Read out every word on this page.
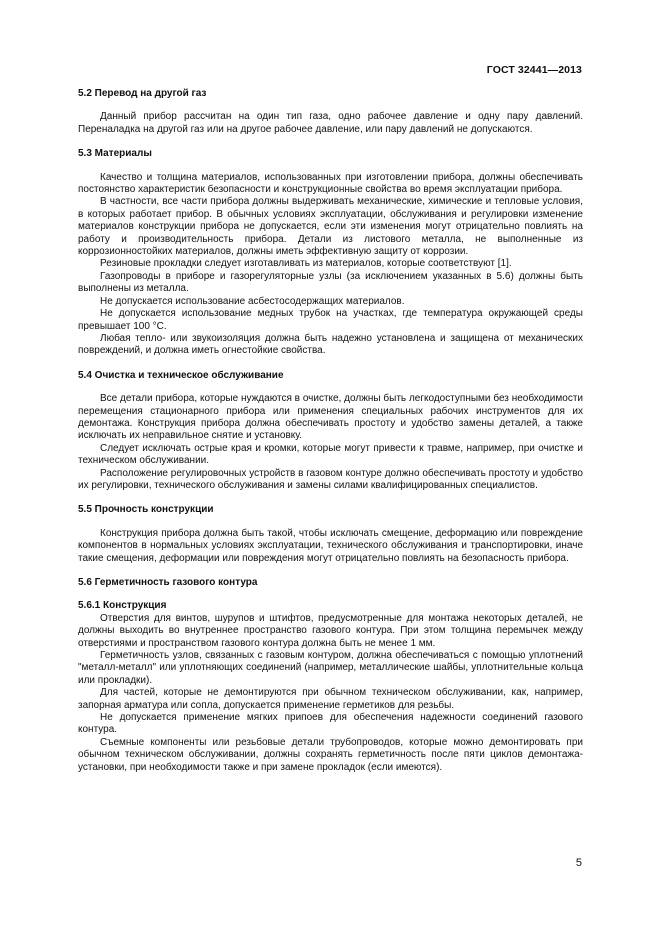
ГОСТ 32441—2013
5.2 Перевод на другой газ

Данный прибор рассчитан на один тип газа, одно рабочее давление и одну пару давлений. Переналадка на другой газ или на другое рабочее давление, или пару давлений не допускаются.

5.3 Материалы

Качество и толщина материалов, использованных при изготовлении прибора, должны обеспечивать постоянство характеристик безопасности и конструкционные свойства во время эксплуатации прибора.

В частности, все части прибора должны выдерживать механические, химические и тепловые условия, в которых работает прибор. В обычных условиях эксплуатации, обслуживания и регулировки изменение материалов конструкции прибора не допускается, если эти изменения могут отрицательно повлиять на работу и производительность прибора. Детали из листового металла, не выполненные из коррозионностойких материалов, должны иметь эффективную защиту от коррозии.

Резиновые прокладки следует изготавливать из материалов, которые соответствуют [1].

Газопроводы в приборе и газорегуляторные узлы (за исключением указанных в 5.6) должны быть выполнены из металла.

Не допускается использование асбестосодержащих материалов.

Не допускается использование медных трубок на участках, где температура окружающей среды превышает 100 °С.

Любая тепло- или звукоизоляция должна быть надежно установлена и защищена от механических повреждений, и должна иметь огнестойкие свойства.

5.4 Очистка и техническое обслуживание

Все детали прибора, которые нуждаются в очистке, должны быть легкодоступными без необходимости перемещения стационарного прибора или применения специальных рабочих инструментов для их демонтажа. Конструкция прибора должна обеспечивать простоту и удобство замены деталей, а также исключать их неправильное снятие и установку.

Следует исключать острые края и кромки, которые могут привести к травме, например, при очистке и техническом обслуживании.

Расположение регулировочных устройств в газовом контуре должно обеспечивать простоту и удобство их регулировки, технического обслуживания и замены силами квалифицированных специалистов.

5.5 Прочность конструкции

Конструкция прибора должна быть такой, чтобы исключать смещение, деформацию или повреждение компонентов в нормальных условиях эксплуатации, технического обслуживания и транспортировки, иначе такие смещения, деформации или повреждения могут отрицательно повлиять на безопасность прибора.

5.6 Герметичность газового контура
5.6.1 Конструкция

Отверстия для винтов, шурупов и штифтов, предусмотренные для монтажа некоторых деталей, не должны выходить во внутреннее пространство газового контура. При этом толщина перемычек между отверстиями и пространством газового контура должна быть не менее 1 мм.

Герметичность узлов, связанных с газовым контуром, должна обеспечиваться с помощью уплотнений "металл-металл" или уплотняющих соединений (например, металлические шайбы, уплотнительные кольца или прокладки).

Для частей, которые не демонтируются при обычном техническом обслуживании, как, например, запорная арматура или сопла, допускается применение герметиков для резьбы.

Не допускается применение мягких припоев для обеспечения надежности соединений газового контура.

Съемные компоненты или резьбовые детали трубопроводов, которые можно демонтировать при обычном техническом обслуживании, должны сохранять герметичность после пяти циклов демонтажа-установки, при необходимости также и при замене прокладок (если имеются).

5
